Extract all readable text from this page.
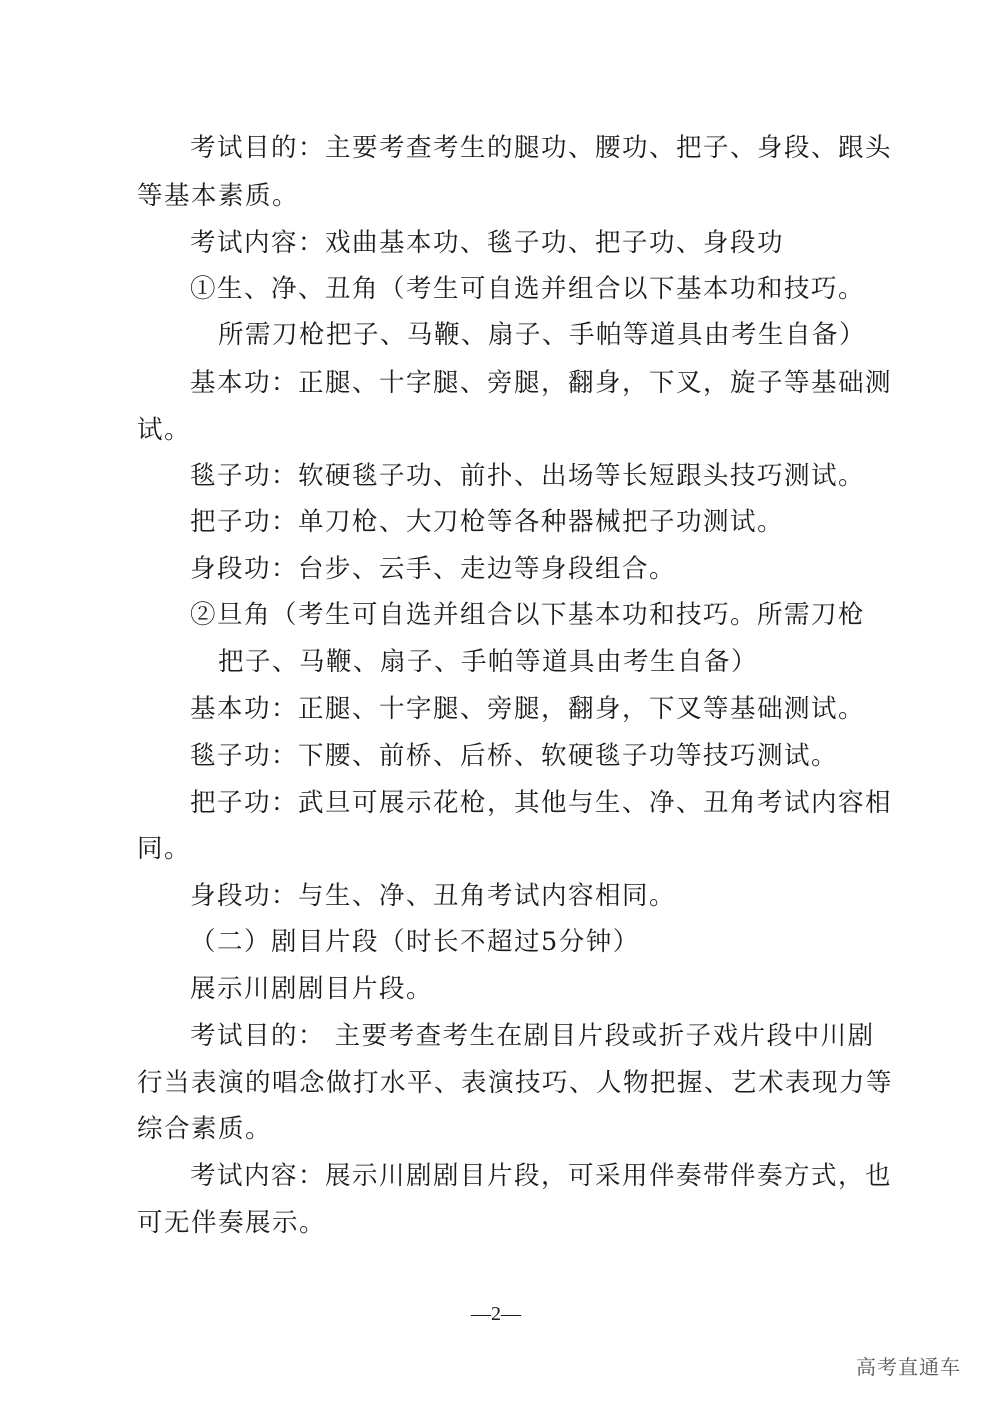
考试目的：主要考查考生的腿功、腰功、把子、身段、跟头
等基本素质。
考试内容：戏曲基本功、毯子功、把子功、身段功
①生、净、丑角（考生可自选并组合以下基本功和技巧。
所需刀枪把子、马鞭、扇子、手帕等道具由考生自备）
基本功：正腿、十字腿、旁腿，翻身，下叉，旋子等基础测
试。
毯子功：软硬毯子功、前扑、出场等长短跟头技巧测试。
把子功：单刀枪、大刀枪等各种器械把子功测试。
身段功：台步、云手、走边等身段组合。
②旦角（考生可自选并组合以下基本功和技巧。所需刀枪
把子、马鞭、扇子、手帕等道具由考生自备）
基本功：正腿、十字腿、旁腿，翻身，下叉等基础测试。
毯子功：下腰、前桥、后桥、软硬毯子功等技巧测试。
把子功：武旦可展示花枪，其他与生、净、丑角考试内容相
同。
身段功：与生、净、丑角考试内容相同。
（二）剧目片段（时长不超过5分钟）
展示川剧剧目片段。
考试目的： 主要考查考生在剧目片段或折子戏片段中川剧
行当表演的唱念做打水平、表演技巧、人物把握、艺术表现力等
综合素质。
考试内容：展示川剧剧目片段，可采用伴奏带伴奏方式，也
可无伴奏展示。
—2—
高考直通车
